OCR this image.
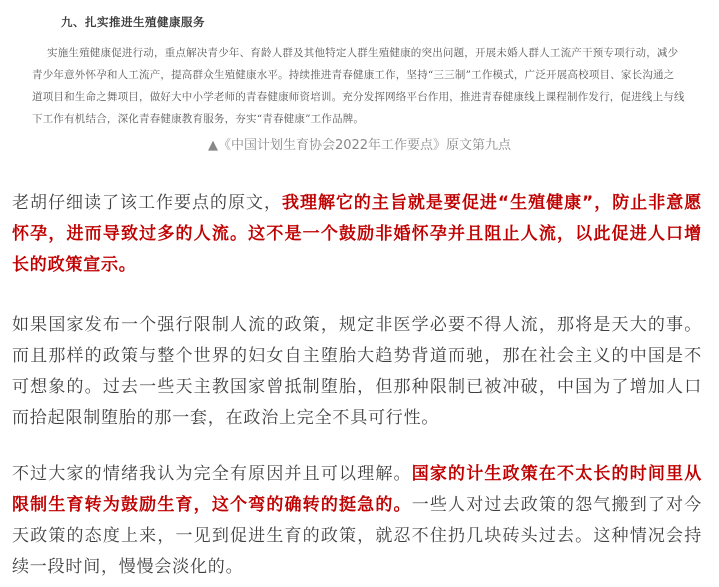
九、扎实推进生殖健康服务
实施生殖健康促进行动，重点解决青少年、育龄人群及其他特定人群生殖健康的突出问题，开展未婚人群人工流产干预专项行动，减少
青少年意外怀孕和人工流产，提高群众生殖健康水平。持续推进青春健康工作，坚持“三三制”工作模式，广泛开展高校项目、家长沟通之
道项目和生命之舞项目，做好大中小学老师的青春健康师资培训。充分发挥网络平台作用，推进青春健康线上课程制作发行，促进线上与线
下工作有机结合，深化青春健康教育服务，夯实“青春健康”工作品牌。
▲《中国计划生育协会2022年工作要点》原文第九点

老胡仔细读了该工作要点的原文，我理解它的主旨就是要促进“生殖健康”，防止非意愿怀孕，进而导致过多的人流。这不是一个鼓励非婚怀孕并且阻止人流，以此促进人口增长的政策宣示。

如果国家发布一个强行限制人流的政策，规定非医学必要不得人流，那将是天大的事。而且那样的政策与整个世界的妇女自主堕胎大趋势背道而驰，那在社会主义的中国是不可想象的。过去一些天主教国家曾抵制堕胎，但那种限制已被冲破，中国为了增加人口而拾起限制堕胎的那一套，在政治上完全不具可行性。

不过大家的情绪我认为完全有原因并且可以理解。国家的计生政策在不太长的时间里从限制生育转为鼓励生育，这个弯的确转的挺急的。一些人对过去政策的怨气搬到了对今天政策的态度上来，一见到促进生育的政策，就忍不住扔几块砖头过去。这种情况会持续一段时间，慢慢会淡化的。
